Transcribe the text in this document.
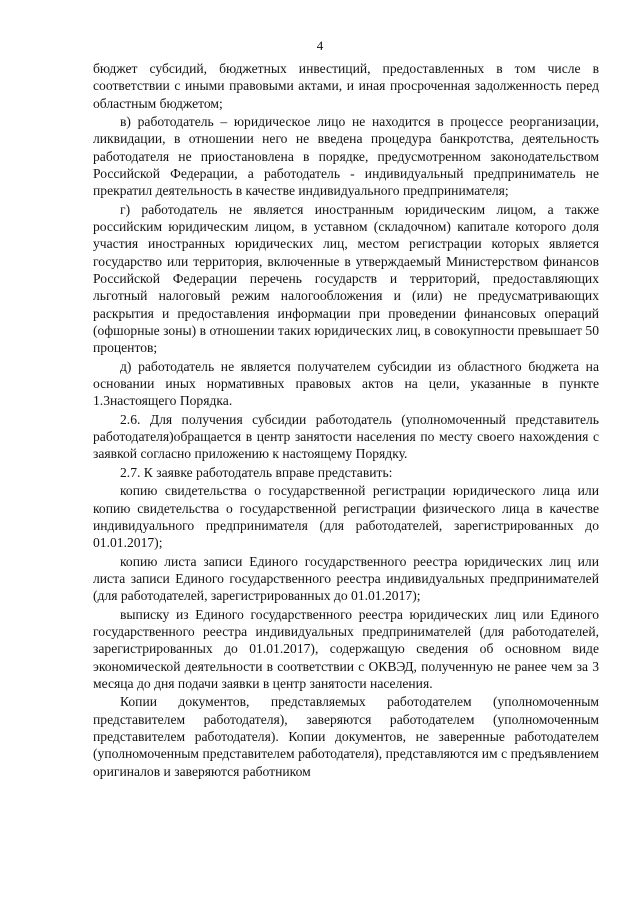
4

бюджет субсидий, бюджетных инвестиций, предоставленных в том числе в соответствии с иными правовыми актами, и иная просроченная задолженность перед областным бюджетом;

в) работодатель – юридическое лицо не находится в процессе реорганизации, ликвидации, в отношении него не введена процедура банкротства, деятельность работодателя не приостановлена в порядке, предусмотренном законодательством Российской Федерации, а работодатель - индивидуальный предприниматель не прекратил деятельность в качестве индивидуального предпринимателя;

г) работодатель не является иностранным юридическим лицом, а также российским юридическим лицом, в уставном (складочном) капитале которого доля участия иностранных юридических лиц, местом регистрации которых является государство или территория, включенные в утверждаемый Министерством финансов Российской Федерации перечень государств и территорий, предоставляющих льготный налоговый режим налогообложения и (или) не предусматривающих раскрытия и предоставления информации при проведении финансовых операций (офшорные зоны) в отношении таких юридических лиц, в совокупности превышает 50 процентов;

д) работодатель не является получателем субсидии из областного бюджета на основании иных нормативных правовых актов на цели, указанные в пункте 1.3настоящего Порядка.

2.6. Для получения субсидии работодатель (уполномоченный представитель работодателя)обращается в центр занятости населения по месту своего нахождения с заявкой согласно приложению к настоящему Порядку.

2.7. К заявке работодатель вправе представить:

копию свидетельства о государственной регистрации юридического лица или копию свидетельства о государственной регистрации физического лица в качестве индивидуального предпринимателя (для работодателей, зарегистрированных до 01.01.2017);

копию листа записи Единого государственного реестра юридических лиц или листа записи Единого государственного реестра индивидуальных предпринимателей (для работодателей, зарегистрированных до 01.01.2017);

выписку из Единого государственного реестра юридических лиц или Единого государственного реестра индивидуальных предпринимателей (для работодателей, зарегистрированных до 01.01.2017), содержащую сведения об основном виде экономической деятельности в соответствии с ОКВЭД, полученную не ранее чем за 3 месяца до дня подачи заявки в центр занятости населения.

Копии документов, представляемых работодателем (уполномоченным представителем работодателя), заверяются работодателем (уполномоченным представителем работодателя). Копии документов, не заверенные работодателем (уполномоченным представителем работодателя), представляются им с предъявлением оригиналов и заверяются работником
